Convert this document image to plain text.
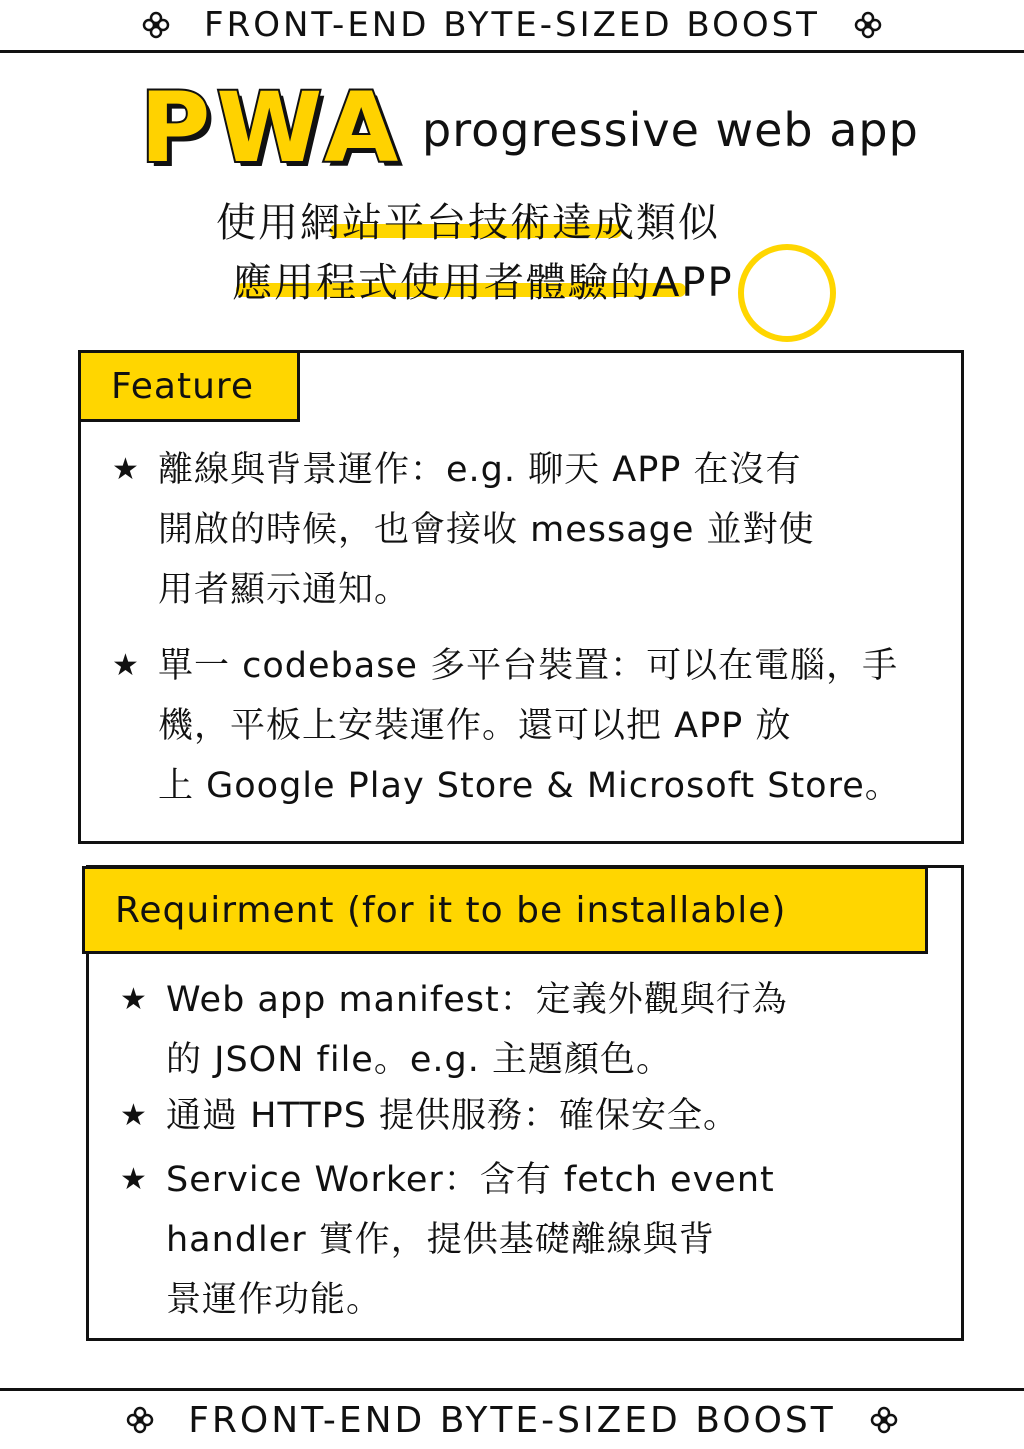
FRONT-END BYTE-SIZED BOOST
PWA progressive web app
使用網站平台技術達成類似
應用程式使用者體驗的APP
Feature
★ 離線與背景運作：e.g. 聊天 APP 在沒有
開啟的時候，也會接收 message 並對使
用者顯示通知。
★ 單一 codebase 多平台裝置：可以在電腦，手
機，平板上安裝運作。還可以把 APP 放
上 Google Play Store & Microsoft Store。
Requirment (for it to be installable)
★ Web app manifest：定義外觀與行為
的 JSON file。e.g. 主題顏色。
★ 通過 HTTPS 提供服務：確保安全。
★ Service Worker：含有 fetch event
handler 實作，提供基礎離線與背
景運作功能。
FRONT-END BYTE-SIZED BOOST
